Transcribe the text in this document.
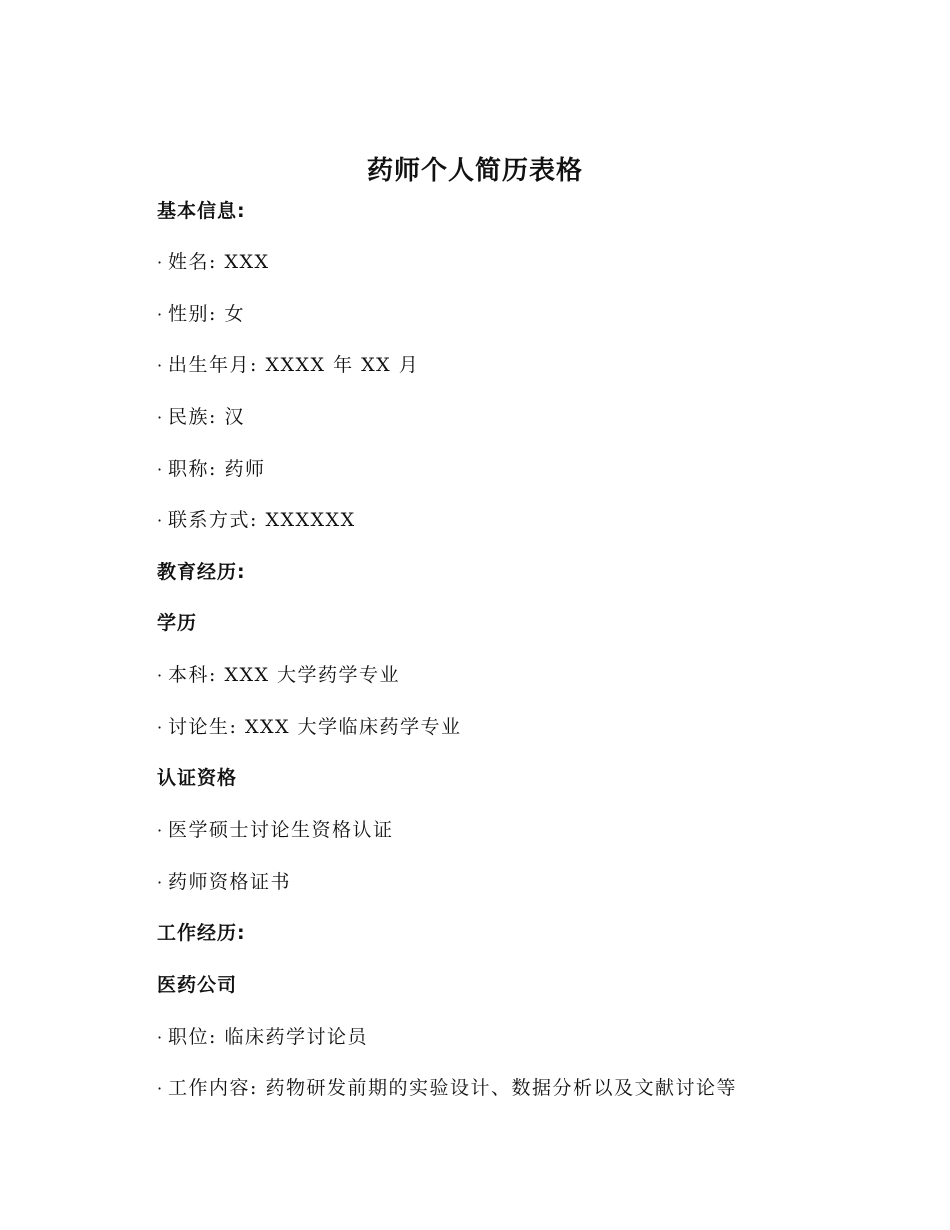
药师个人简历表格
基本信息:
· 姓名: XXX
· 性别: 女
· 出生年月: XXXX 年 XX 月
· 民族: 汉
· 职称: 药师
· 联系方式: XXXXXX
教育经历:
学历
· 本科: XXX 大学药学专业
· 讨论生: XXX 大学临床药学专业
认证资格
· 医学硕士讨论生资格认证
· 药师资格证书
工作经历:
医药公司
· 职位: 临床药学讨论员
· 工作内容: 药物研发前期的实验设计、数据分析以及文献讨论等
